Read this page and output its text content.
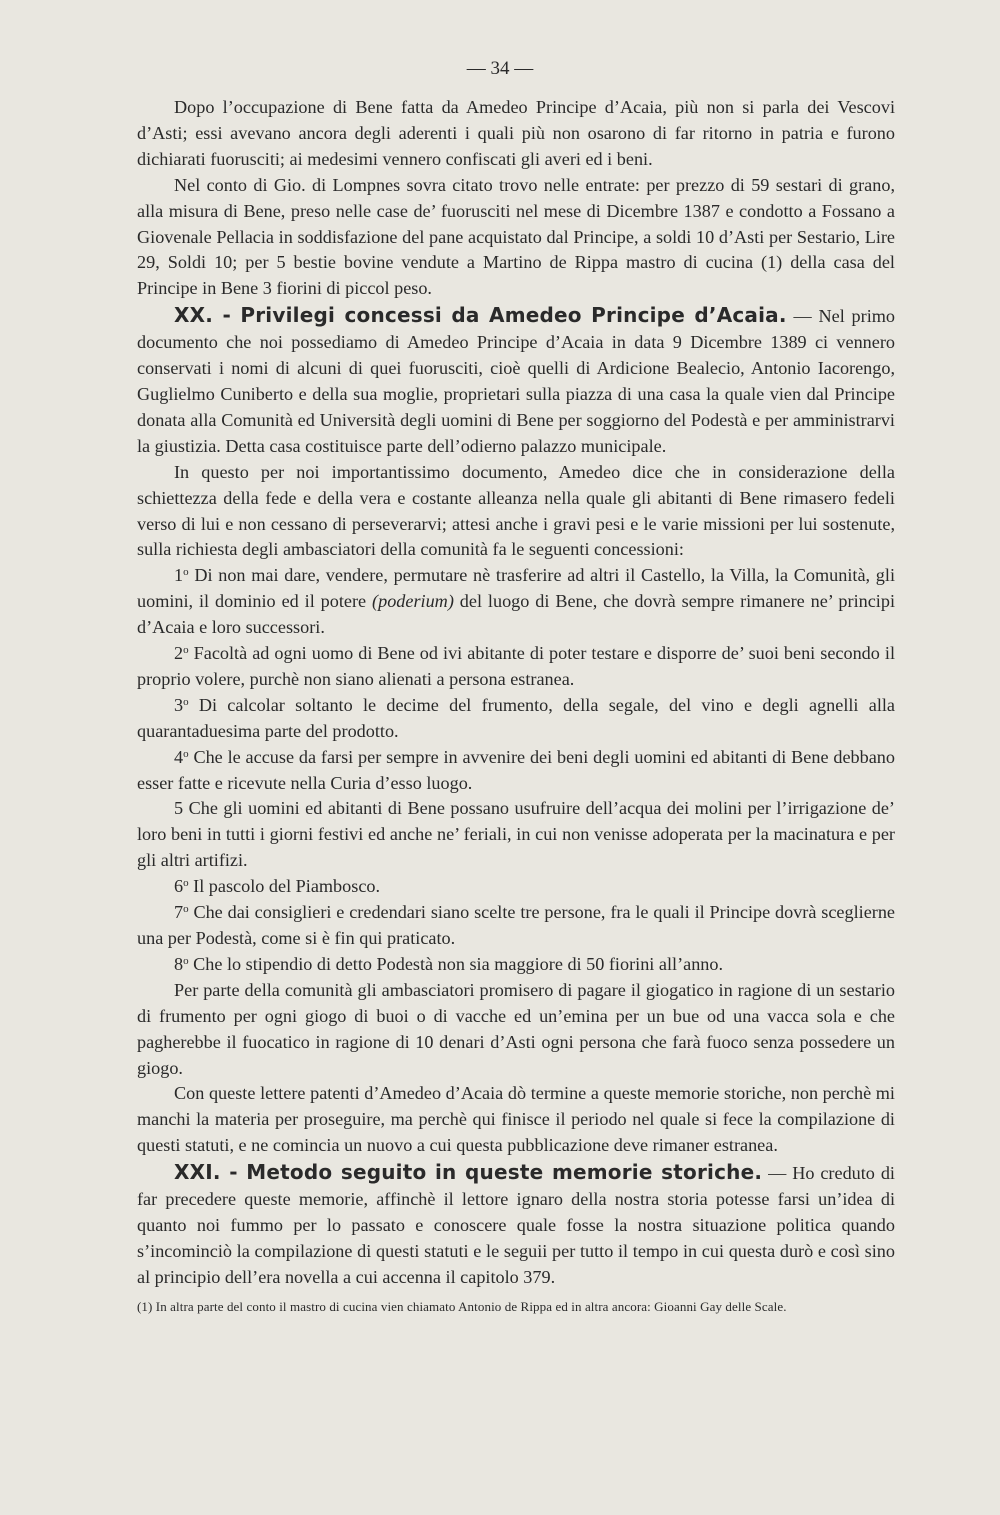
— 34 —

Dopo l’occupazione di Bene fatta da Amedeo Principe d’Acaia, più non si parla dei Vescovi d’Asti; essi avevano ancora degli aderenti i quali più non osarono di far ritorno in patria e furono dichiarati fuorusciti; ai medesimi vennero confiscati gli averi ed i beni.

Nel conto di Gio. di Lompnes sovra citato trovo nelle entrate: per prezzo di 59 sestari di grano, alla misura di Bene, preso nelle case de’ fuorusciti nel mese di Dicembre 1387 e condotto a Fossano a Giovenale Pellacia in soddisfazione del pane acquistato dal Principe, a soldi 10 d’Asti per Sestario, Lire 29, Soldi 10; per 5 bestie bovine vendute a Martino de Rippa mastro di cucina (1) della casa del Principe in Bene 3 fiorini di piccol peso.

XX. - Privilegi concessi da Amedeo Principe d’Acaia. — Nel primo documento che noi possediamo di Amedeo Principe d’Acaia in data 9 Dicembre 1389 ci vennero conservati i nomi di alcuni di quei fuorusciti, cioè quelli di Ardicione Bealecio, Antonio Iacorengo, Guglielmo Cuniberto e della sua moglie, proprietari sulla piazza di una casa la quale vien dal Principe donata alla Comunità ed Università degli uomini di Bene per soggiorno del Podestà e per amministrarvi la giustizia. Detta casa costituisce parte dell’odierno palazzo municipale.

In questo per noi importantissimo documento, Amedeo dice che in considerazione della schiettezza della fede e della vera e costante alleanza nella quale gli abitanti di Bene rimasero fedeli verso di lui e non cessano di perseverarvi; attesi anche i gravi pesi e le varie missioni per lui sostenute, sulla richiesta degli ambasciatori della comunità fa le seguenti concessioni:

1$^o$ Di non mai dare, vendere, permutare nè trasferire ad altri il Castello, la Villa, la Comunità, gli uomini, il dominio ed il potere (poderium) del luogo di Bene, che dovrà sempre rimanere ne’ principi d’Acaia e loro successori.

2$^o$ Facoltà ad ogni uomo di Bene od ivi abitante di poter testare e disporre de’ suoi beni secondo il proprio volere, purchè non siano alienati a persona estranea.

3$^o$ Di calcolar soltanto le decime del frumento, della segale, del vino e degli agnelli alla quarantaduesima parte del prodotto.

4$^o$ Che le accuse da farsi per sempre in avvenire dei beni degli uomini ed abitanti di Bene debbano esser fatte e ricevute nella Curia d’esso luogo.

5 Che gli uomini ed abitanti di Bene possano usufruire dell’acqua dei molini per l’irrigazione de’ loro beni in tutti i giorni festivi ed anche ne’ feriali, in cui non venisse adoperata per la macinatura e per gli altri artifizi.

6$^o$ Il pascolo del Piambosco.

7$^o$ Che dai consiglieri e credendari siano scelte tre persone, fra le quali il Principe dovrà sceglierne una per Podestà, come si è fin qui praticato.

8$^o$ Che lo stipendio di detto Podestà non sia maggiore di 50 fiorini all’anno.

Per parte della comunità gli ambasciatori promisero di pagare il giogatico in ragione di un sestario di frumento per ogni giogo di buoi o di vacche ed un’emina per un bue od una vacca sola e che pagherebbe il fuocatico in ragione di 10 denari d’Asti ogni persona che farà fuoco senza possedere un giogo.

Con queste lettere patenti d’Amedeo d’Acaia dò termine a queste memorie storiche, non perchè mi manchi la materia per proseguire, ma perchè qui finisce il periodo nel quale si fece la compilazione di questi statuti, e ne comincia un nuovo a cui questa pubblicazione deve rimaner estranea.

XXI. - Metodo seguito in queste memorie storiche. — Ho creduto di far precedere queste memorie, affinchè il lettore ignaro della nostra storia potesse farsi un’idea di quanto noi fummo per lo passato e conoscere quale fosse la nostra situazione politica quando s’incominciò la compilazione di questi statuti e le seguii per tutto il tempo in cui questa durò e così sino al principio dell’era novella a cui accenna il capitolo 379.

(1) In altra parte del conto il mastro di cucina vien chiamato Antonio de Rippa ed in altra ancora: Gioanni Gay delle Scale.
